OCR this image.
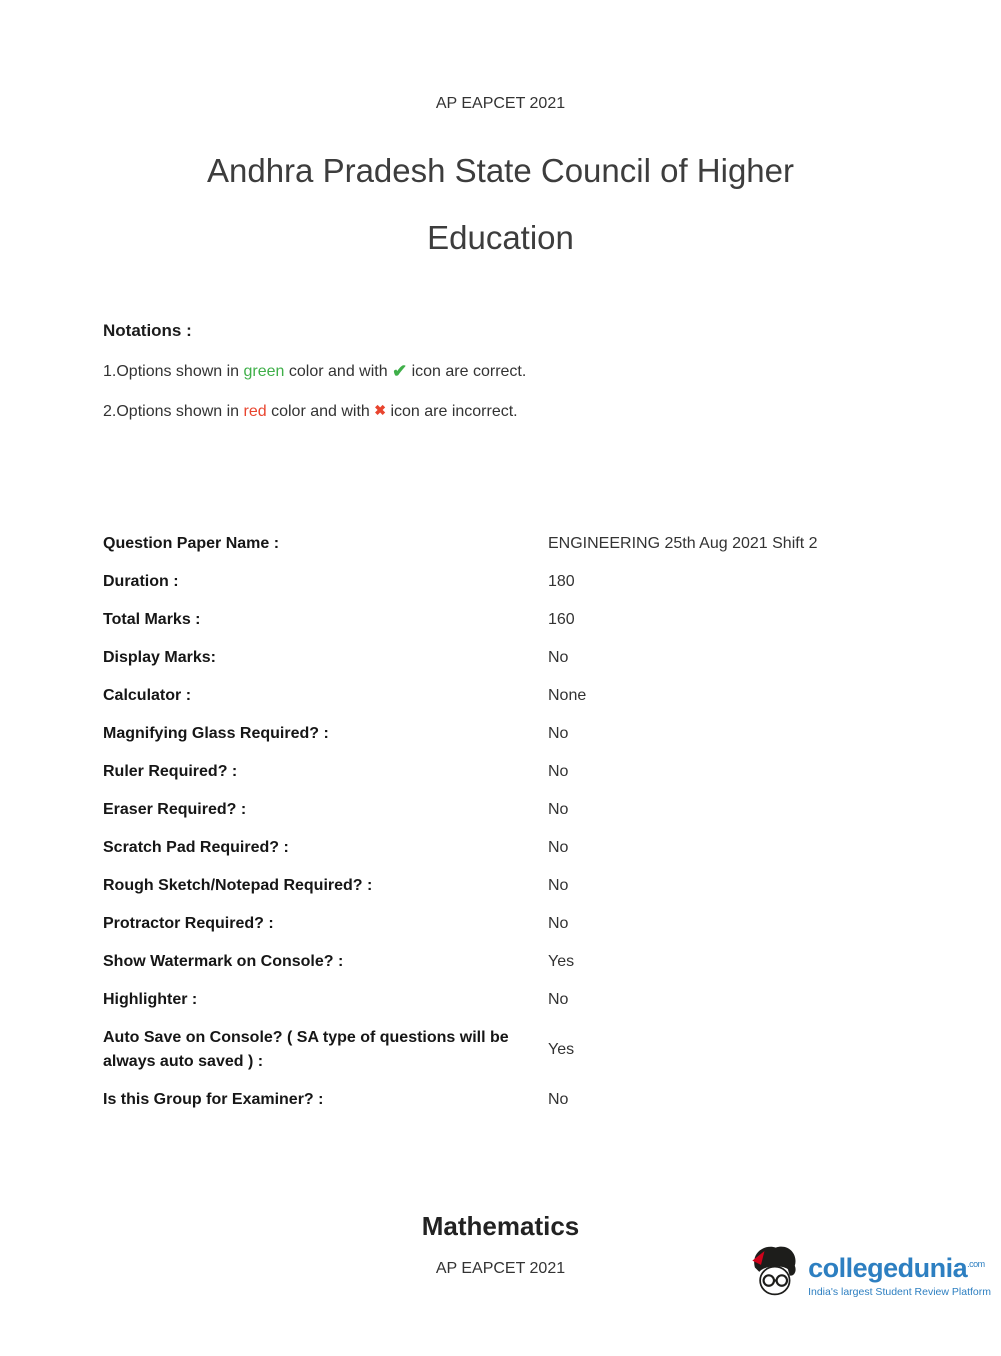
AP EAPCET 2021
Andhra Pradesh State Council of Higher
Education
Notations :

1.Options shown in green color and with ✔ icon are correct.

2.Options shown in red color and with ✖ icon are incorrect.

Question Paper Name :	ENGINEERING 25th Aug 2021 Shift 2
Duration :	180
Total Marks :	160
Display Marks:	No
Calculator :	None
Magnifying Glass Required? :	No
Ruler Required? :	No
Eraser Required? :	No
Scratch Pad Required? :	No
Rough Sketch/Notepad Required? :	No
Protractor Required? :	No
Show Watermark on Console? :	Yes
Highlighter :	No
Auto Save on Console? ( SA type of questions will be always auto saved ) :
Yes
Is this Group for Examiner? :	No
Mathematics
AP EAPCET 2021	collegedunia$^{.com}$
India's largest Student Review Platform
